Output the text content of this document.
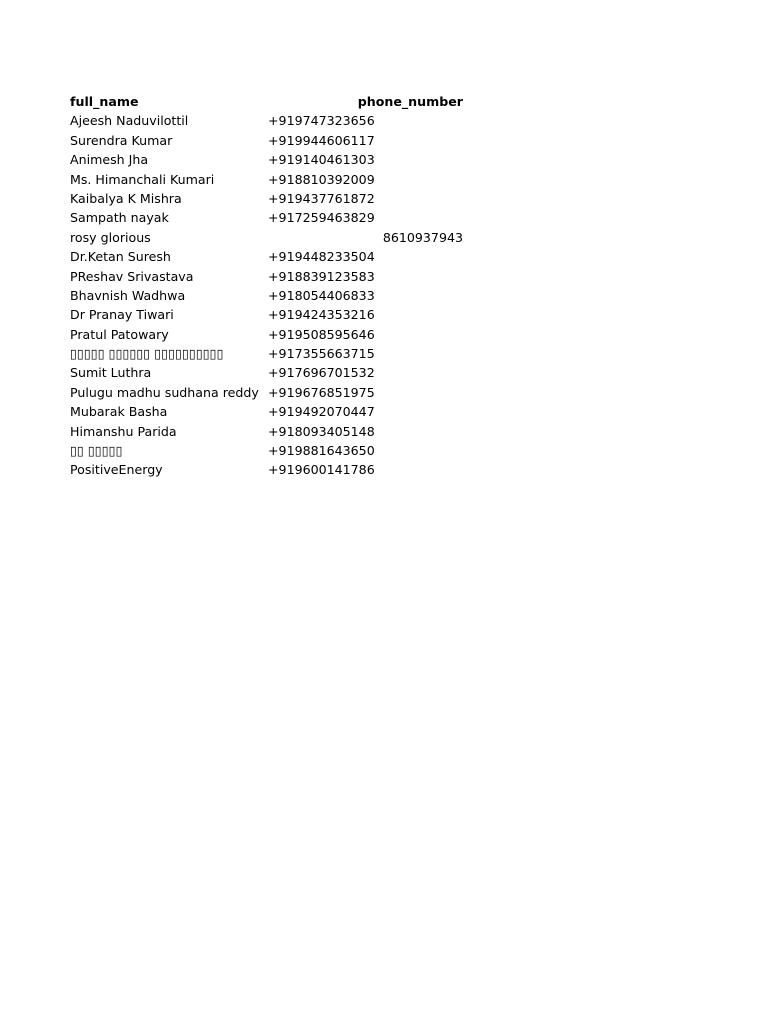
full_name	phone_number
Ajeesh Naduvilottil	+919747323656
Surendra Kumar	+919944606117
Animesh Jha	+919140461303
Ms. Himanchali Kumari	+918810392009
Kaibalya K Mishra	+919437761872
Sampath nayak	+917259463829
rosy glorious	8610937943
Dr.Ketan Suresh	+919448233504
PReshav Srivastava	+918839123583
Bhavnish Wadhwa	+918054406833
Dr Pranay Tiwari	+919424353216
Pratul Patowary	+919508595646
▯▯▯▯▯ ▯▯▯▯▯▯ ▯▯▯▯▯▯▯▯▯▯	+917355663715
Sumit Luthra	+917696701532
Pulugu madhu sudhana reddy +919676851975
Mubarak Basha	+919492070447
Himanshu Parida	+918093405148
▯▯ ▯▯▯▯▯	+919881643650
PositiveEnergy	+919600141786
